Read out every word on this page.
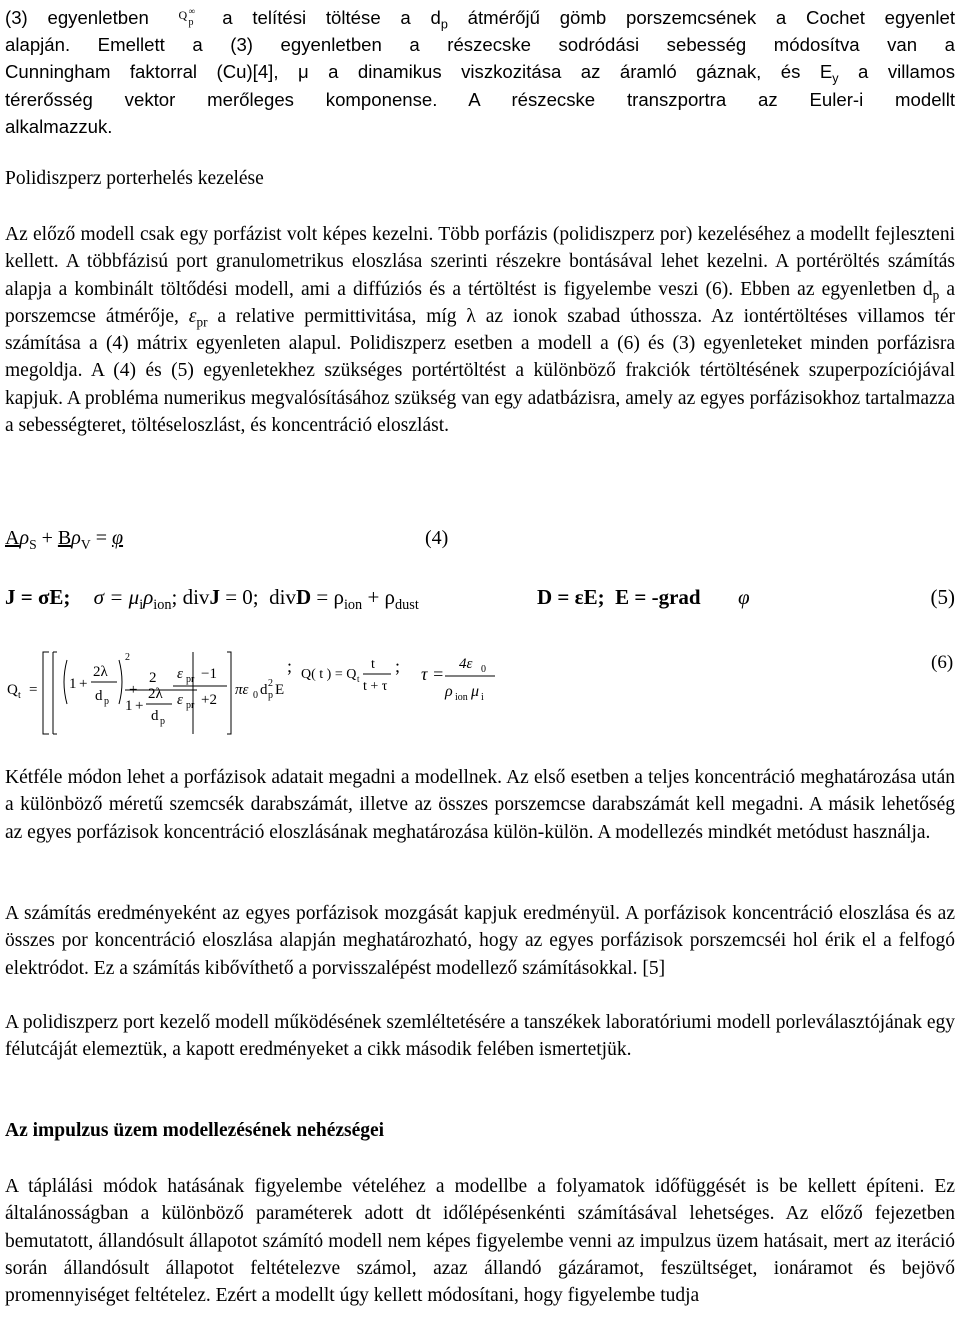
(3) egyenletben Q
p
∞ a telítési töltése a $d_p$ átmérőjű gömb porszemcsének a Cochet egyenlet
alapján. Emellett a (3) egyenletben a részecske sodródási sebesség módosítva van a
Cunningham faktorral (Cu)[4], μ a dinamikus viszkozitása az áramló gáznak, és $E_y$ a villamos
térerősség vektor merőleges komponense. A részecske transzportra az Euler-i modellt
alkalmazzuk.
Polidiszperz porterhelés kezelése
Az előző modell csak egy porfázist volt képes kezelni. Több porfázis (polidiszperz por) kezeléséhez a modellt fejleszteni kellett. A többfázisú port granulometrikus eloszlása szerinti részekre bontásával lehet kezelni. A portéröltés számítás alapja a kombinált töltődési modell, ami a diffúziós és a tértöltést is figyelembe veszi (6). Ebben az egyenletben $d_p$ a porszemcse átmérője, $\varepsilon_{pr}$ a relative permittivitása, míg λ az ionok szabad úthossza. Az iontértöltéses villamos tér számítása a (4) mátrix egyenleten alapul. Polidiszperz esetben a modell a (6) és (3) egyenleteket minden porfázisra megoldja. A (4) és (5) egyenletekhez szükséges portértöltést a különböző frakciók tértöltésének szuperpozíciójával kapjuk. A probléma numerikus megvalósításához szükség van egy adatbázisra, amely az egyes porfázisokhoz tartalmazza a sebességteret, töltéseloszlást, és koncentráció eloszlást.
$A\rho_S + B\rho_V = \varphi$	(4)
J = σE; $\sigma = \mu_i\rho_{ion}$; divJ = 0;  divD = $\rho_{ion} + \rho_{dust}$	D = εE;  E = -grad φ	(5)
Q t = 1 +
2λ
d p
2
+
2
1 +
2λ
d p
ε pr −1
ε pr +2
πε 0 d p
2 E
; Q( t ) = Q t
t
t + τ
; τ = 4ε 0
ρ ion μ i
(6)
Kétféle módon lehet a porfázisok adatait megadni a modellnek. Az első esetben a teljes koncentráció meghatározása után a különböző méretű szemcsék darabszámát, illetve az összes porszemcse darabszámát kell megadni. A másik lehetőség az egyes porfázisok koncentráció eloszlásának meghatározása külön-külön. A modellezés mindkét metódust használja.
A számítás eredményeként az egyes porfázisok mozgását kapjuk eredményül. A porfázisok koncentráció eloszlása és az összes por koncentráció eloszlása alapján meghatározható, hogy az egyes porfázisok porszemcséi hol érik el a felfogó elektródot. Ez a számítás kibővíthető a porvisszalépést modellező számításokkal. [5]
A polidiszperz port kezelő modell működésének szemléltetésére a tanszékek laboratóriumi modell porleválasztójának egy félutcáját elemeztük, a kapott eredményeket a cikk második felében ismertetjük.
Az impulzus üzem modellezésének nehézségei
A táplálási módok hatásának figyelembe vételéhez a modellbe a folyamatok időfüggését is be kellett építeni. Ez általánosságban a különböző paraméterek adott dt időlépésenkénti számításával lehetséges. Az előző fejezetben bemutatott, állandósult állapotot számító modell nem képes figyelembe venni az impulzus üzem hatásait, mert az iteráció során állandósult állapotot feltételezve számol, azaz állandó gázáramot, feszültséget, ionáramot és bejövő promennyiséget feltételez. Ezért a modellt úgy kellett módosítani, hogy figyelembe tudja
